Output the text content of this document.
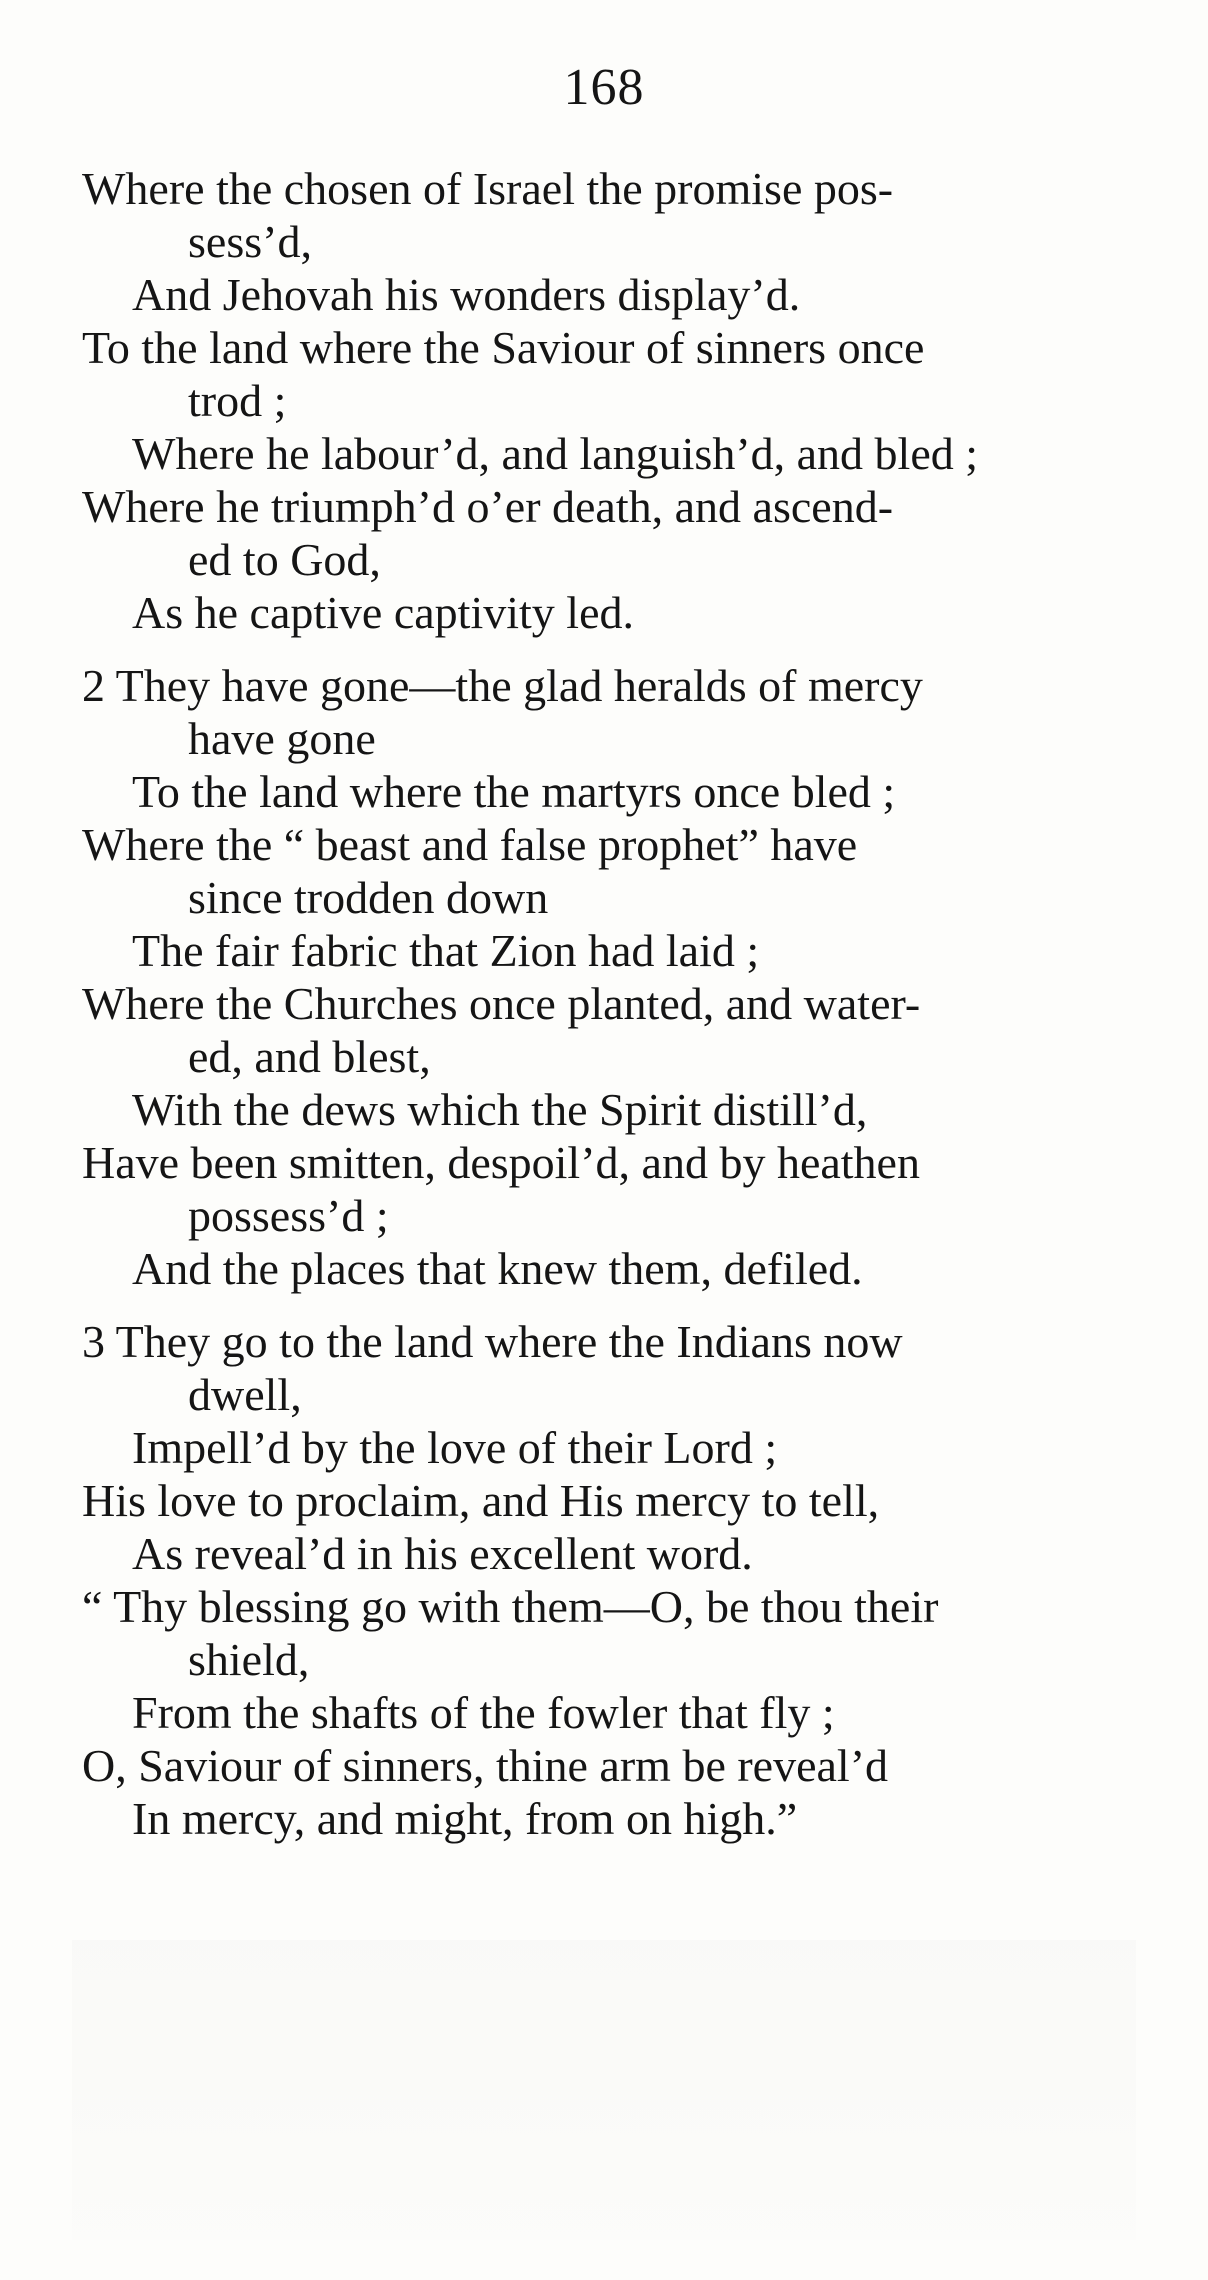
168
Where the chosen of Israel the promise pos-
sess’d,
And Jehovah his wonders display’d.
To the land where the Saviour of sinners once
trod ;
Where he labour’d, and languish’d, and bled ;
Where he triumph’d o’er death, and ascend-
ed to God,
As he captive captivity led.
2 They have gone—the glad heralds of mercy
have gone
To the land where the martyrs once bled ;
Where the “ beast and false prophet” have
since trodden down
The fair fabric that Zion had laid ;
Where the Churches once planted, and water-
ed, and blest,
With the dews which the Spirit distill’d,
Have been smitten, despoil’d, and by heathen
possess’d ;
And the places that knew them, defiled.
3 They go to the land where the Indians now
dwell,
Impell’d by the love of their Lord ;
His love to proclaim, and His mercy to tell,
As reveal’d in his excellent word.
“ Thy blessing go with them—O, be thou their
shield,
From the shafts of the fowler that fly ;
O, Saviour of sinners, thine arm be reveal’d
In mercy, and might, from on high.”
